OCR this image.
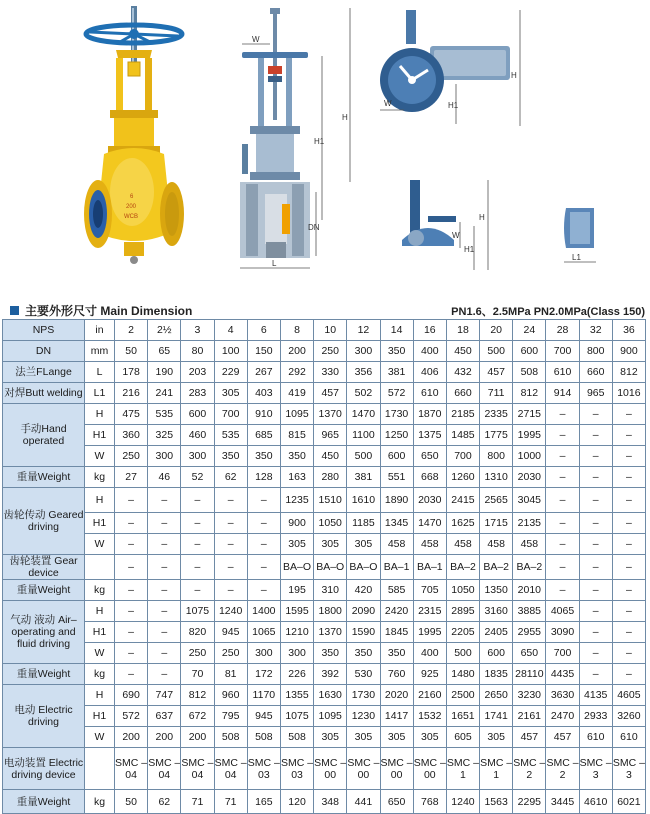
6
200
WCB
W
H
H1
DN
L
H
H1
W
H
H1
W
L1
主要外形尺寸 Main Dimension	PN1.6、2.5MPa PN2.0MPa(Class 150)
NPS	in	2	2½	3	4	6	8	10	12	14	16	18	20	24	28	32	36
DN	mm	50	65	80	100	150	200	250	300	350	400	450	500	600	700	800	900
法兰FLange	L	178	190	203	229	267	292	330	356	381	406	432	457	508	610	660	812
对焊Butt welding	L1	216	241	283	305	403	419	457	502	572	610	660	711	812	914	965	1016
手动Hand operated	H	475	535	600	700	910	1095	1370	1470	1730	1870	2185	2335	2715	–	–	–
	H1	360	325	460	535	685	815	965	1100	1250	1375	1485	1775	1995	–	–	–
	W	250	300	300	350	350	350	450	500	600	650	700	800	1000	–	–	–
重量Weight	kg	27	46	52	62	128	163	280	381	551	668	1260	1310	2030	–	–	–
齿轮传动 Geared driving	H	–	–	–	–	–	1235	1510	1610	1890	2030	2415	2565	3045	–	–	–
	H1	–	–	–	–	–	900	1050	1185	1345	1470	1625	1715	2135	–	–	–
	W	–	–	–	–	–	305	305	305	458	458	458	458	458	–	–	–
齿轮装置 Gear device		–	–	–	–	–	BA–O	BA–O	BA–O	BA–1	BA–1	BA–2	BA–2	BA–2	–	–	–
重量Weight	kg	–	–	–	–	–	195	310	420	585	705	1050	1350	2010	–	–	–
气动 液动 Air–operating and fluid driving	H	–	–	1075	1240	1400	1595	1800	2090	2420	2315	2895	3160	3885	4065	–	–
	H1	–	–	820	945	1065	1210	1370	1590	1845	1995	2205	2405	2955	3090	–	–
	W	–	–	250	250	300	300	350	350	350	400	500	600	650	700	–	–
重量Weight	kg	–	–	70	81	172	226	392	530	760	925	1480	1835	28110	4435	–	–
电动 Electric driving	H	690	747	812	960	1170	1355	1630	1730	2020	2160	2500	2650	3230	3630	4135	4605
	H1	572	637	672	795	945	1075	1095	1230	1417	1532	1651	1741	2161	2470	2933	3260
	W	200	200	200	508	508	508	305	305	305	305	605	305	457	457	610	610
电动装置 Electric driving device		SMC –04	SMC –04	SMC –04	SMC –04	SMC –03	SMC –03	SMC –00	SMC –00	SMC –00	SMC –00	SMC –1	SMC –1	SMC –2	SMC –2	SMC –3	SMC –3
重量Weight	kg	50	62	71	71	165	120	348	441	650	768	1240	1563	2295	3445	4610	6021
